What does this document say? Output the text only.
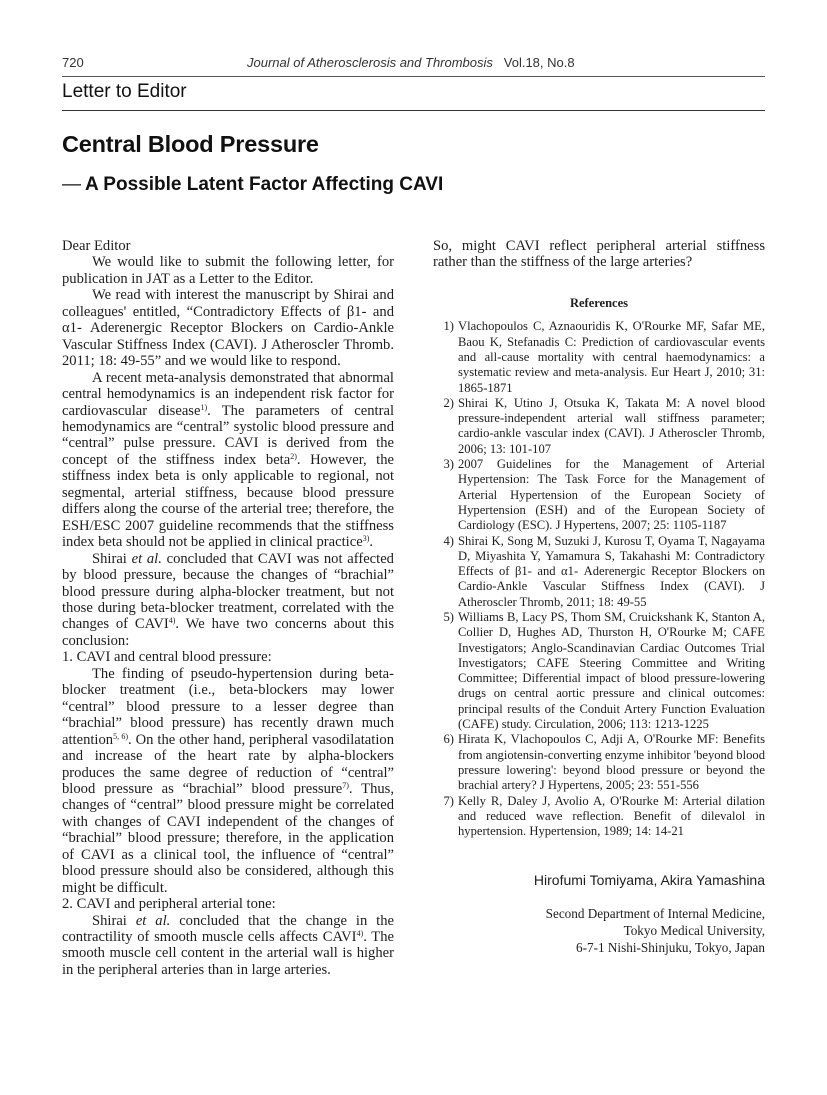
720	Journal of Atherosclerosis and Thrombosis Vol.18, No.8
Letter to Editor
Central Blood Pressure
— A Possible Latent Factor Affecting CAVI

Dear Editor

We would like to submit the following letter, for publication in JAT as a Letter to the Editor.

We read with interest the manuscript by Shirai and colleagues' entitled, “Contradictory Effects of β1- and α1- Aderenergic Receptor Blockers on Cardio-Ankle Vascular Stiffness Index (CAVI). J Atheroscler Thromb. 2011; 18: 49-55” and we would like to respond.

A recent meta-analysis demonstrated that abnormal central hemodynamics is an independent risk factor for cardiovascular disease$^{1)}$. The parameters of central hemodynamics are “central” systolic blood pressure and “central” pulse pressure. CAVI is derived from the concept of the stiffness index beta$^{2)}$. However, the stiffness index beta is only applicable to regional, not segmental, arterial stiffness, because blood pressure differs along the course of the arterial tree; therefore, the ESH/ESC 2007 guideline recommends that the stiffness index beta should not be applied in clinical practice$^{3)}$.

Shirai et al. concluded that CAVI was not affected by blood pressure, because the changes of “brachial” blood pressure during alpha-blocker treatment, but not those during beta-blocker treatment, correlated with the changes of CAVI$^{4)}$. We have two concerns about this conclusion:

1. CAVI and central blood pressure:

The finding of pseudo-hypertension during beta-blocker treatment (i.e., beta-blockers may lower “central” blood pressure to a lesser degree than “brachial” blood pressure) has recently drawn much attention$^{5, 6)}$. On the other hand, peripheral vasodilatation and increase of the heart rate by alpha-blockers produces the same degree of reduction of “central” blood pressure as “brachial” blood pressure$^{7)}$. Thus, changes of “central” blood pressure might be correlated with changes of CAVI independent of the changes of “brachial” blood pressure; therefore, in the application of CAVI as a clinical tool, the influence of “central” blood pressure should also be considered, although this might be difficult.

2. CAVI and peripheral arterial tone:

Shirai et al. concluded that the change in the contractility of smooth muscle cells affects CAVI$^{4)}$. The smooth muscle cell content in the arterial wall is higher in the peripheral arteries than in large arteries.

So, might CAVI reflect peripheral arterial stiffness rather than the stiffness of the large arteries?

References
1) Vlachopoulos C, Aznaouridis K, O'Rourke MF, Safar ME, Baou K, Stefanadis C: Prediction of cardiovascular events and all-cause mortality with central haemodynamics: a systematic review and meta-analysis. Eur Heart J, 2010; 31: 1865-1871
2) Shirai K, Utino J, Otsuka K, Takata M: A novel blood pressure-independent arterial wall stiffness parameter; cardio-ankle vascular index (CAVI). J Atheroscler Thromb, 2006; 13: 101-107
3) 2007 Guidelines for the Management of Arterial Hypertension: The Task Force for the Management of Arterial Hypertension of the European Society of Hypertension (ESH) and of the European Society of Cardiology (ESC). J Hypertens, 2007; 25: 1105-1187
4) Shirai K, Song M, Suzuki J, Kurosu T, Oyama T, Nagayama D, Miyashita Y, Yamamura S, Takahashi M: Contradictory Effects of β1- and α1- Aderenergic Receptor Blockers on Cardio-Ankle Vascular Stiffness Index (CAVI). J Atheroscler Thromb, 2011; 18: 49-55
5) Williams B, Lacy PS, Thom SM, Cruickshank K, Stanton A, Collier D, Hughes AD, Thurston H, O'Rourke M; CAFE Investigators; Anglo-Scandinavian Cardiac Outcomes Trial Investigators; CAFE Steering Committee and Writing Committee; Differential impact of blood pressure-lowering drugs on central aortic pressure and clinical outcomes: principal results of the Conduit Artery Function Evaluation (CAFE) study. Circulation, 2006; 113: 1213-1225
6) Hirata K, Vlachopoulos C, Adji A, O'Rourke MF: Benefits from angiotensin-converting enzyme inhibitor 'beyond blood pressure lowering': beyond blood pressure or beyond the brachial artery? J Hypertens, 2005; 23: 551-556
7) Kelly R, Daley J, Avolio A, O'Rourke M: Arterial dilation and reduced wave reflection. Benefit of dilevalol in hypertension. Hypertension, 1989; 14: 14-21
Hirofumi Tomiyama, Akira Yamashina
Second Department of Internal Medicine,
Tokyo Medical University,
6-7-1 Nishi-Shinjuku, Tokyo, Japan
